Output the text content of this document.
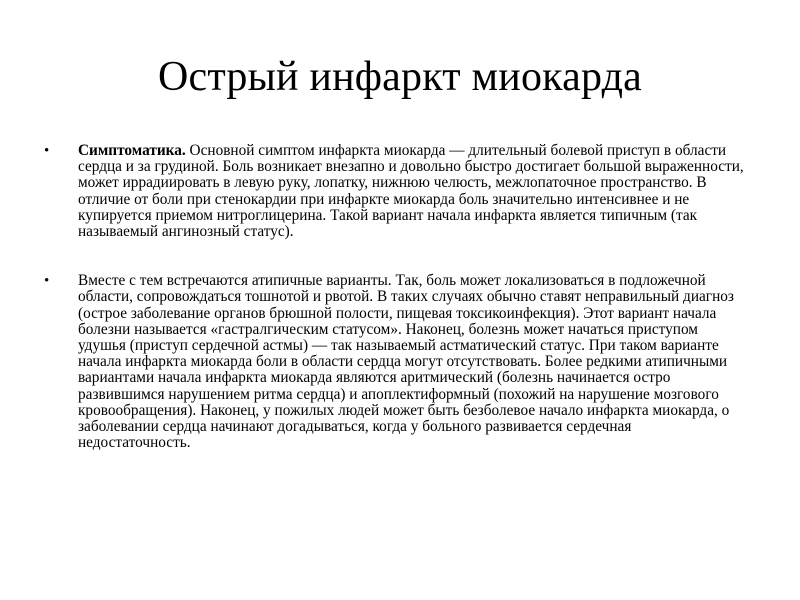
Острый инфаркт миокарда
• Симптоматика. Основной симптом инфаркта миокарда — длительный болевой приступ в области сердца и за грудиной. Боль возникает внезапно и довольно быстро достигает большой выраженности, может иррадиировать в левую руку, лопатку, нижнюю челюсть, межлопаточное пространство. В отличие от боли при стенокардии при инфаркте миокарда боль значительно интенсивнее и не купируется приемом нитроглицерина. Такой вариант начала инфаркта является типичным (так называемый ангинозный статус).
• Вместе с тем встречаются атипичные варианты. Так, боль может локализоваться в подложечной области, сопровождаться тошнотой и рвотой. В таких случаях обычно ставят неправильный диагноз (острое заболевание органов брюшной полости, пищевая токсикоинфекция). Этот вариант начала болезни называется «гастралгическим статусом». Наконец, болезнь может начаться приступом удушья (приступ сердечной астмы) — так называемый астматический статус. При таком варианте начала инфаркта миокарда боли в области сердца могут отсутствовать. Более редкими атипичными вариантами начала инфаркта миокарда являются аритмический (болезнь начинается остро развившимся нарушением ритма сердца) и апоплектиформный (похожий на нарушение мозгового кровообращения). Наконец, у пожилых людей может быть безболевое начало инфаркта миокарда, о заболевании сердца начинают догадываться, когда у больного развивается сердечная недостаточность.
